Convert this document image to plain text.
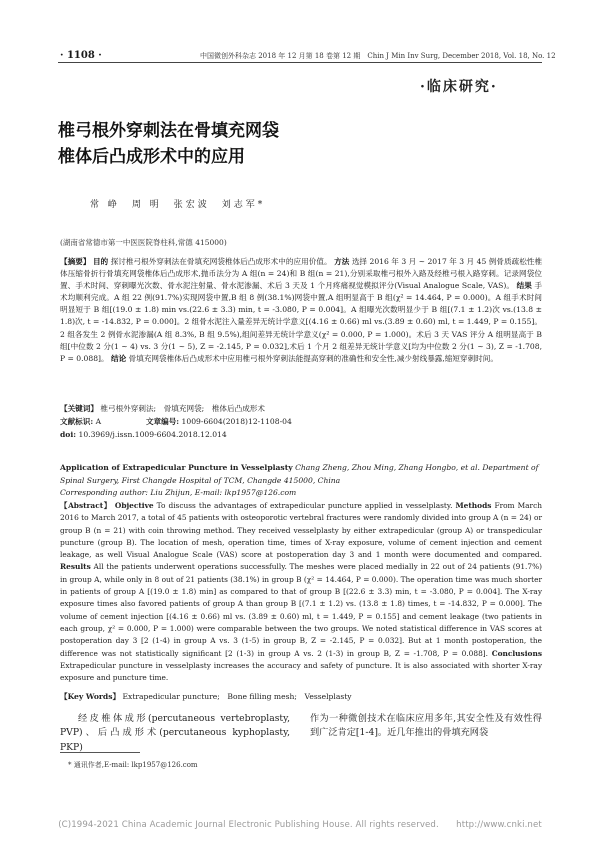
· 1108 ·	中国微创外科杂志 2018 年 12 月第 18 卷第 12 期　Chin J Min Inv Surg, December 2018, Vol. 18, No. 12
·临床研究·
椎弓根外穿刺法在骨填充网袋
椎体后凸成形术中的应用
常 峥　周 明　张宏波　刘志军*
(湖南省常德市第一中医医院脊柱科,常德 415000)
【摘要】 目的 探讨椎弓根外穿刺法在骨填充网袋椎体后凸成形术中的应用价值。 方法 选择 2016 年 3 月 ~ 2017 年 3 月 45 例骨质疏松性椎体压缩骨折行骨填充网袋椎体后凸成形术,抛币法分为 A 组(n = 24)和 B 组(n = 21),分别采取椎弓根外入路及经椎弓根入路穿刺。记录网袋位置、手术时间、穿刺曝光次数、骨水泥注射量、骨水泥渗漏、术后 3 天及 1 个月疼痛视觉模拟评分(Visual Analogue Scale, VAS)。 结果 手术均顺利完成。A 组 22 例(91.7%)实现网袋中置,B 组 8 例(38.1%)网袋中置,A 组明显高于 B 组(χ² = 14.464, P = 0.000)。A 组手术时间明显短于 B 组[(19.0 ± 1.8) min vs.(22.6 ± 3.3) min, t = -3.080, P = 0.004]。A 组曝光次数明显少于 B 组[(7.1 ± 1.2)次 vs.(13.8 ± 1.8)次, t = -14.832, P = 0.000]。2 组骨水泥注入量差异无统计学意义[(4.16 ± 0.66) ml vs.(3.89 ± 0.60) ml, t = 1.449, P = 0.155]。2 组各发生 2 例骨水泥渗漏(A 组 8.3%, B 组 9.5%),组间差异无统计学意义(χ² = 0.000, P = 1.000)。术后 3 天 VAS 评分 A 组明显高于 B 组[中位数 2 分(1 ~ 4) vs. 3 分(1 ~ 5), Z = -2.145, P = 0.032],术后 1 个月 2 组差异无统计学意义[均为中位数 2 分(1 ~ 3), Z = -1.708, P = 0.088]。 结论 骨填充网袋椎体后凸成形术中应用椎弓根外穿刺法能提高穿刺的准确性和安全性,减少射线暴露,缩短穿刺时间。
【关键词】 椎弓根外穿刺法;　骨填充网袋;　椎体后凸成形术
文献标识: A	文章编号: 1009-6604(2018)12-1108-04
doi: 10.3969/j.issn.1009-6604.2018.12.014
Application of Extrapedicular Puncture in Vesselplasty Chang Zheng, Zhou Ming, Zhang Hongbo, et al. Department of Spinal Surgery, First Changde Hospital of TCM, Changde 415000, China
Corresponding author: Liu Zhijun, E-mail: lkp1957@126.com
【Abstract】 Objective To discuss the advantages of extrapedicular puncture applied in vesselplasty. Methods From March 2016 to March 2017, a total of 45 patients with osteoporotic vertebral fractures were randomly divided into group A (n = 24) or group B (n = 21) with coin throwing method. They received vesselplasty by either extrapedicular (group A) or transpedicular puncture (group B). The location of mesh, operation time, times of X-ray exposure, volume of cement injection and cement leakage, as well Visual Analogue Scale (VAS) score at postoperation day 3 and 1 month were documented and compared. Results All the patients underwent operations successfully. The meshes were placed medially in 22 out of 24 patients (91.7%) in group A, while only in 8 out of 21 patients (38.1%) in group B (χ² = 14.464, P = 0.000). The operation time was much shorter in patients of group A [(19.0 ± 1.8) min] as compared to that of group B [(22.6 ± 3.3) min, t = -3.080, P = 0.004]. The X-ray exposure times also favored patients of group A than group B [(7.1 ± 1.2) vs. (13.8 ± 1.8) times, t = -14.832, P = 0.000]. The volume of cement injection [(4.16 ± 0.66) ml vs. (3.89 ± 0.60) ml, t = 1.449, P = 0.155] and cement leakage (two patients in each group, χ² = 0.000, P = 1.000) were comparable between the two groups. We noted statistical difference in VAS scores at postoperation day 3 [2 (1-4) in group A vs. 3 (1-5) in group B, Z = -2.145, P = 0.032]. But at 1 month postoperation, the difference was not statistically significant [2 (1-3) in group A vs. 2 (1-3) in group B, Z = -1.708, P = 0.088]. Conclusions Extrapedicular puncture in vesselplasty increases the accuracy and safety of puncture. It is also associated with shorter X-ray exposure and puncture time.
【Key Words】 Extrapedicular puncture;　Bone filling mesh;　Vesselplasty
经皮椎体成形(percutaneous vertebroplasty, PVP)、后凸成形术(percutaneous kyphoplasty, PKP)
作为一种微创技术在临床应用多年,其安全性及有效性得到广泛肯定[1-4]。近几年推出的骨填充网袋
* 通讯作者,E-mail: lkp1957@126.com
(C)1994-2021 China Academic Journal Electronic Publishing House. All rights reserved.　　http://www.cnki.net
